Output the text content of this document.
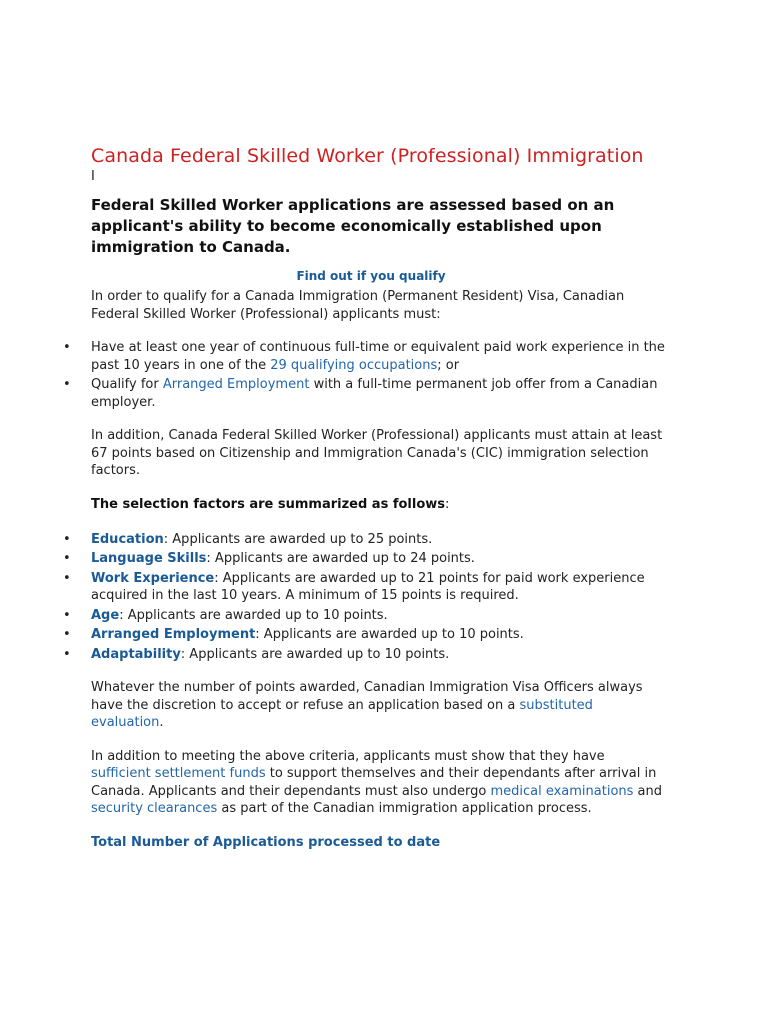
Canada Federal Skilled Worker (Professional) Immigration
I
Federal Skilled Worker applications are assessed based on an applicant's ability to become economically established upon immigration to Canada.
Find out if you qualify

In order to qualify for a Canada Immigration (Permanent Resident) Visa, Canadian Federal Skilled Worker (Professional) applicants must:

• Have at least one year of continuous full-time or equivalent paid work experience in the past 10 years in one of the 29 qualifying occupations; or
• Qualify for Arranged Employment with a full-time permanent job offer from a Canadian employer.

In addition, Canada Federal Skilled Worker (Professional) applicants must attain at least 67 points based on Citizenship and Immigration Canada's (CIC) immigration selection factors.

The selection factors are summarized as follows:
• Education: Applicants are awarded up to 25 points.
• Language Skills: Applicants are awarded up to 24 points.
• Work Experience: Applicants are awarded up to 21 points for paid work experience acquired in the last 10 years. A minimum of 15 points is required.
• Age: Applicants are awarded up to 10 points.
• Arranged Employment: Applicants are awarded up to 10 points.
• Adaptability: Applicants are awarded up to 10 points.

Whatever the number of points awarded, Canadian Immigration Visa Officers always have the discretion to accept or refuse an application based on a substituted evaluation.

In addition to meeting the above criteria, applicants must show that they have sufficient settlement funds to support themselves and their dependants after arrival in Canada. Applicants and their dependants must also undergo medical examinations and security clearances as part of the Canadian immigration application process.

Total Number of Applications processed to date
